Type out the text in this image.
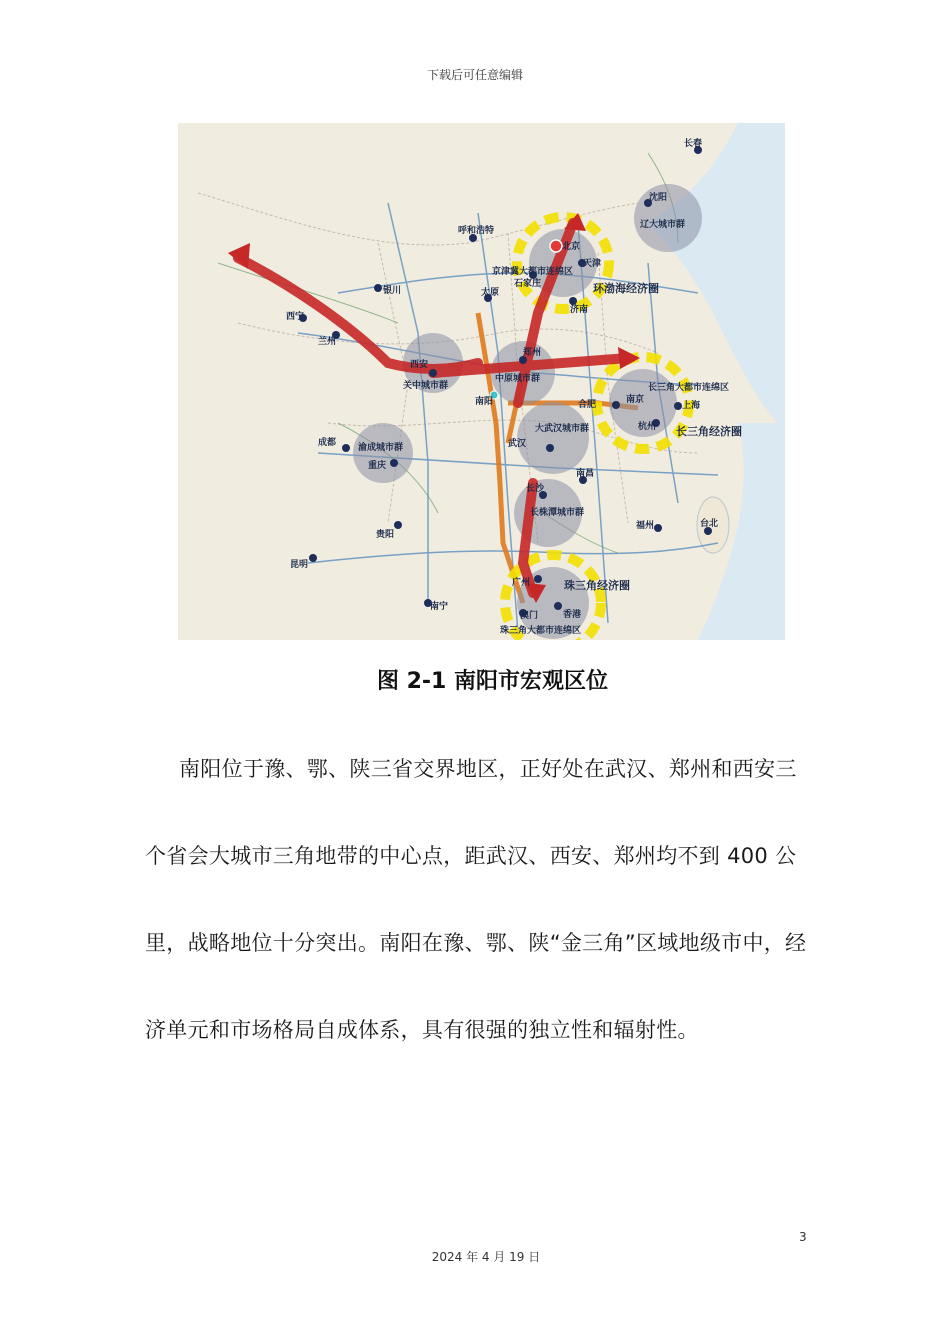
下载后可任意编辑
长春
沈阳
辽大城市群
呼和浩特
北京
京津冀大都市连绵区
天津
石家庄	环渤海经济圈
太原
济南
银川
西宁
兰州
西安
关中城市群
郑州
中原城市群
南阳
长三角大都市连绵区
南京
合肥	上海
杭州 长三角经济圈
大武汉城市群
武汉
成都 渝成城市群
重庆
南昌
长沙
长株潭城市群
贵阳
福州	台北
昆明
广州	珠三角经济圈
澳门	香港
南宁
珠三角大都市连绵区
图 2-1 南阳市宏观区位

南阳位于豫、鄂、陕三省交界地区，正好处在武汉、郑州和西安三个省会大城市三角地带的中心点，距武汉、西安、郑州均不到 400 公里，战略地位十分突出。南阳在豫、鄂、陕“金三角”区域地级市中，经济单元和市场格局自成体系，具有很强的独立性和辐射性。

3
2024 年 4 月 19 日
